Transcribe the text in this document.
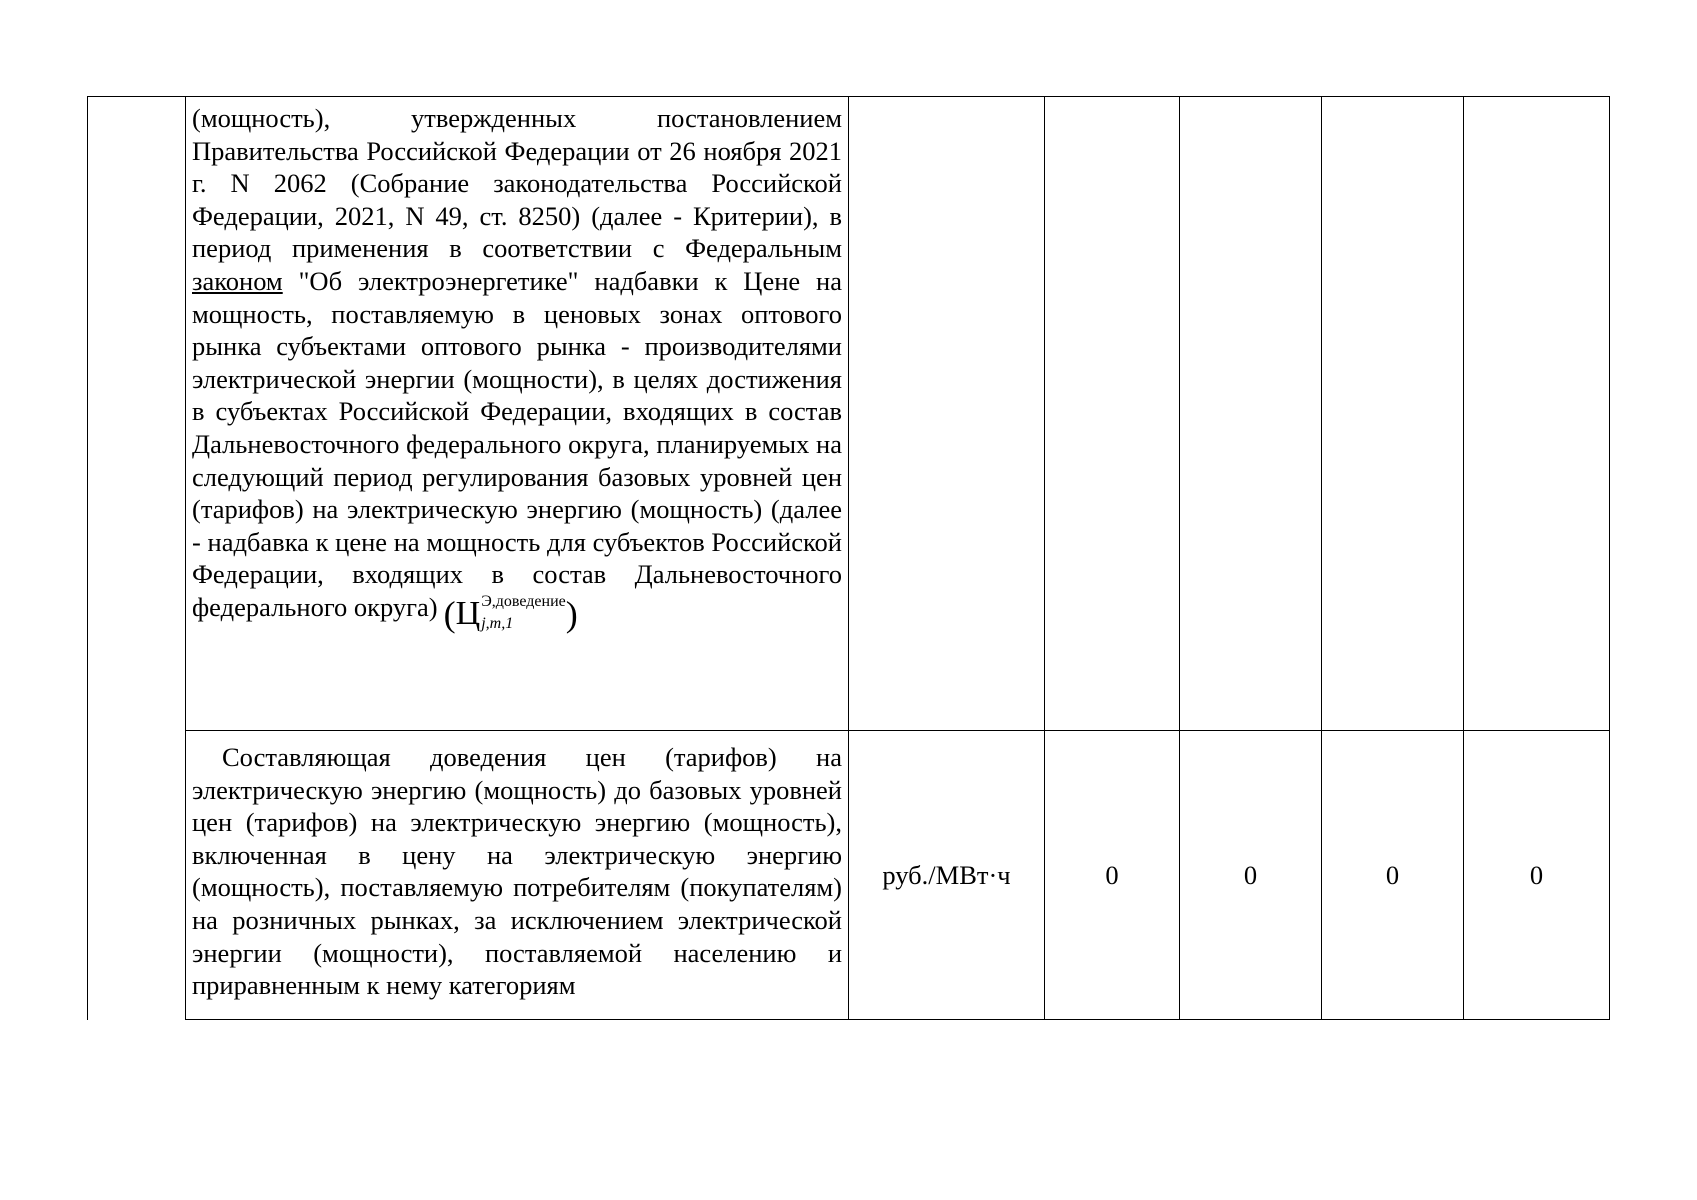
	(мощность), утвержденных постановлением Правительства Российской Федерации от 26 ноября 2021 г. N 2062 (Собрание законодательства Российской Федерации, 2021, N 49, ст. 8250) (далее - Критерии), в период применения в соответствии с Федеральным законом "Об электроэнергетике" надбавки к Цене на мощность, поставляемую в ценовых зонах оптового рынка субъектами оптового рынка - производителями электрической энергии (мощности), в целях достижения в субъектах Российской Федерации, входящих в состав Дальневосточного федерального округа, планируемых на следующий период регулирования базовых уровней цен (тарифов) на электрическую энергию (мощность) (далее - надбавка к цене на мощность для субъектов Российской Федерации, входящих в состав Дальневосточного федерального округа) (Ц Э,доведение
j,m,1 )					

	Составляющая доведения цен (тарифов) на электрическую энергию (мощность) до базовых уровней цен (тарифов) на электрическую энергию (мощность), включенная в цену на электрическую энергию (мощность), поставляемую потребителям (покупателям) на розничных рынках, за исключением электрической энергии (мощности), поставляемой населению и приравненным к нему категориям	руб./МВт·ч	0	0	0	0
